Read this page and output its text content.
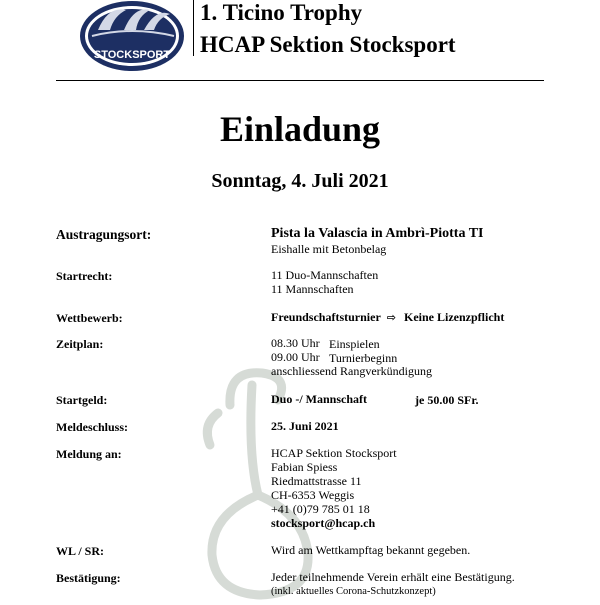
STOCKSPORT
1. Ticino Trophy
HCAP Sektion Stocksport
Einladung
Sonntag, 4. Juli 2021
Austragungsort:	Pista la Valascia in Ambrì-Piotta TI
Eishalle mit Betonbelag
Startrecht:	11 Duo-Mannschaften
11 Mannschaften
Wettbewerb:	Freundschaftsturnier ⇨ Keine Lizenzpflicht
Zeitplan:	08.30 Uhr Einspielen
09.00 Uhr Turnierbeginn
anschliessend Rangverkündigung
Startgeld:	Duo -/ Mannschaft	je 50.00 SFr.
Meldeschluss:	25. Juni 2021
Meldung an:	HCAP Sektion Stocksport
Fabian Spiess
Riedmattstrasse 11
CH-6353 Weggis
+41 (0)79 785 01 18
stocksport@hcap.ch
WL / SR:	Wird am Wettkampftag bekannt gegeben.
Bestätigung:	Jeder teilnehmende Verein erhält eine Bestätigung.
(inkl. aktuelles Corona-Schutzkonzept)
